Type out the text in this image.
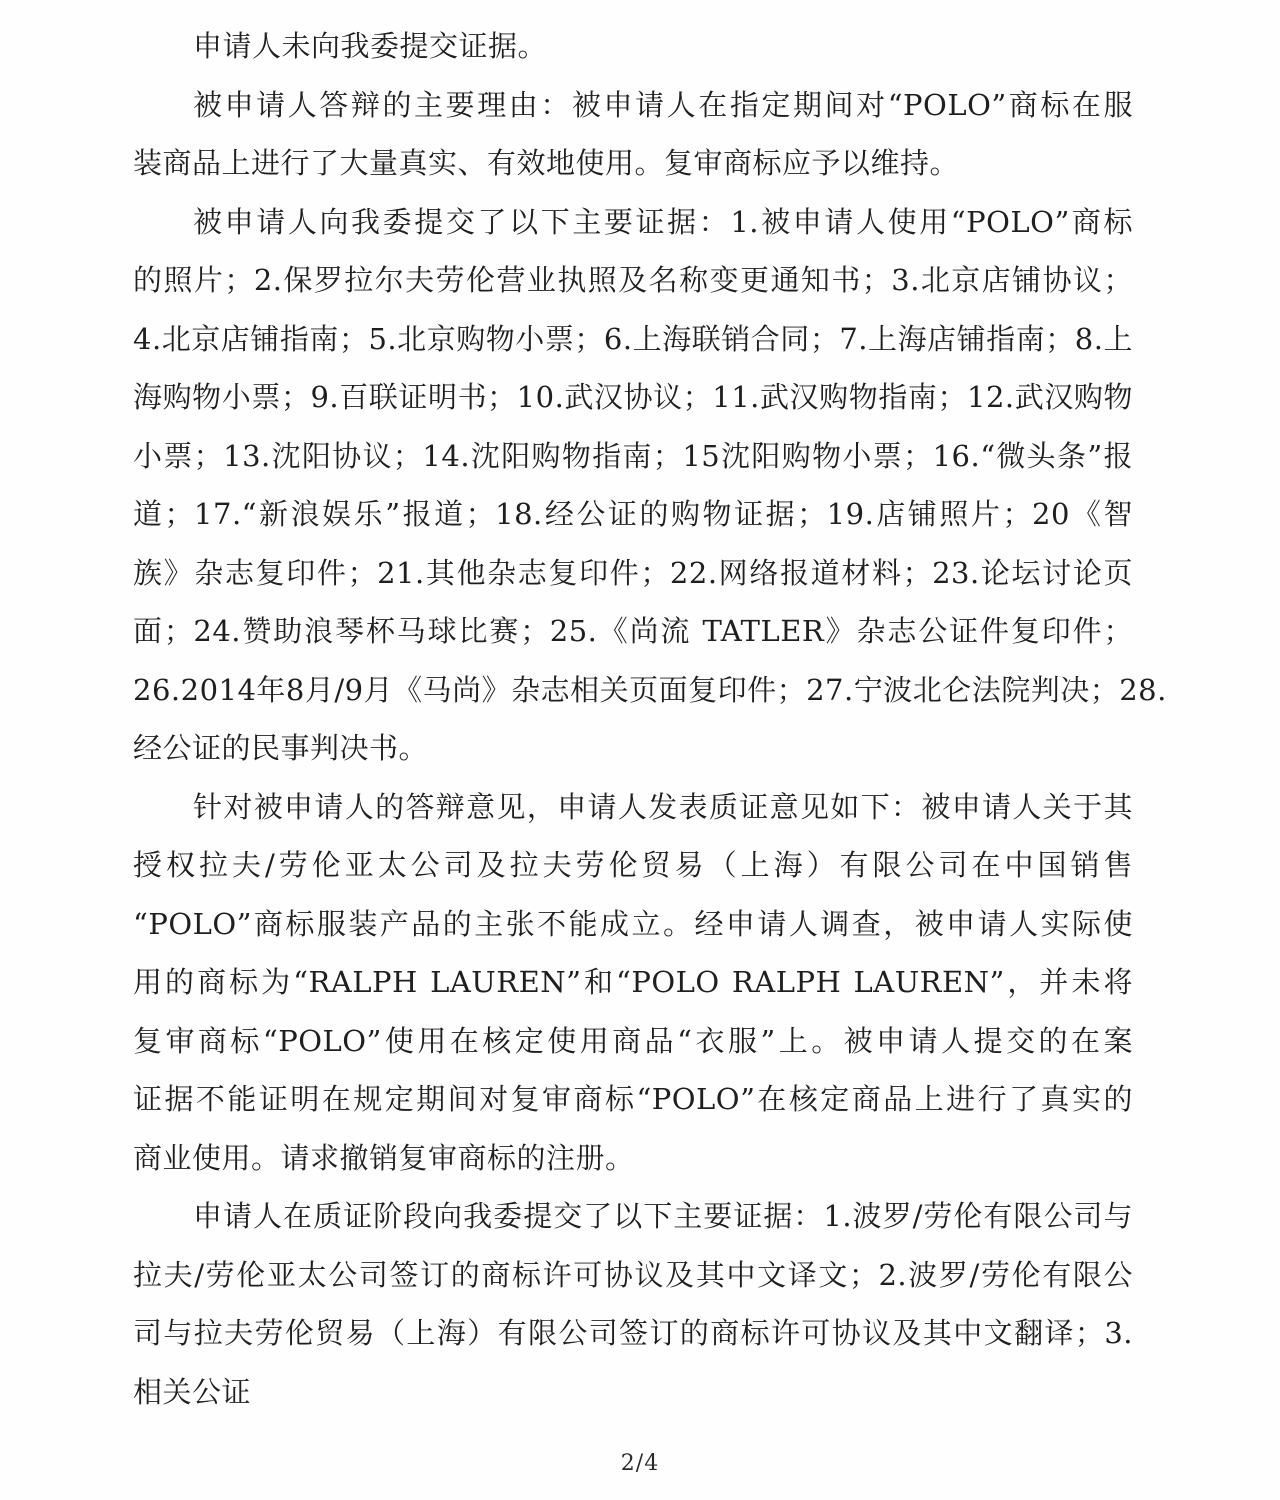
申请人未向我委提交证据。
被申请人答辩的主要理由：被申请人在指定期间对“POLO”商标在服
装商品上进行了大量真实、有效地使用。复审商标应予以维持。
被申请人向我委提交了以下主要证据：1.被申请人使用“POLO”商标
的照片；2.保罗拉尔夫劳伦营业执照及名称变更通知书；3.北京店铺协议；
4.北京店铺指南；5.北京购物小票；6.上海联销合同；7.上海店铺指南；8.上
海购物小票；9.百联证明书；10.武汉协议；11.武汉购物指南；12.武汉购物
小票；13.沈阳协议；14.沈阳购物指南；15沈阳购物小票；16.“微头条”报
道；17.“新浪娱乐”报道；18.经公证的购物证据；19.店铺照片；20《智
族》杂志复印件；21.其他杂志复印件；22.网络报道材料；23.论坛讨论页
面；24.赞助浪琴杯马球比赛；25.《尚流 TATLER》杂志公证件复印件；
26.2014年8月/9月《马尚》杂志相关页面复印件；27.宁波北仑法院判决；28.
经公证的民事判决书。
针对被申请人的答辩意见，申请人发表质证意见如下：被申请人关于其
授权拉夫/劳伦亚太公司及拉夫劳伦贸易（上海）有限公司在中国销售
“POLO”商标服装产品的主张不能成立。经申请人调查，被申请人实际使
用的商标为“RALPH LAUREN”和“POLO RALPH LAUREN”，并未将
复审商标“POLO”使用在核定使用商品“衣服”上。被申请人提交的在案
证据不能证明在规定期间对复审商标“POLO”在核定商品上进行了真实的
商业使用。请求撤销复审商标的注册。
申请人在质证阶段向我委提交了以下主要证据：1.波罗/劳伦有限公司与
拉夫/劳伦亚太公司签订的商标许可协议及其中文译文；2.波罗/劳伦有限公
司与拉夫劳伦贸易（上海）有限公司签订的商标许可协议及其中文翻译；3.
相关公证
2/4
